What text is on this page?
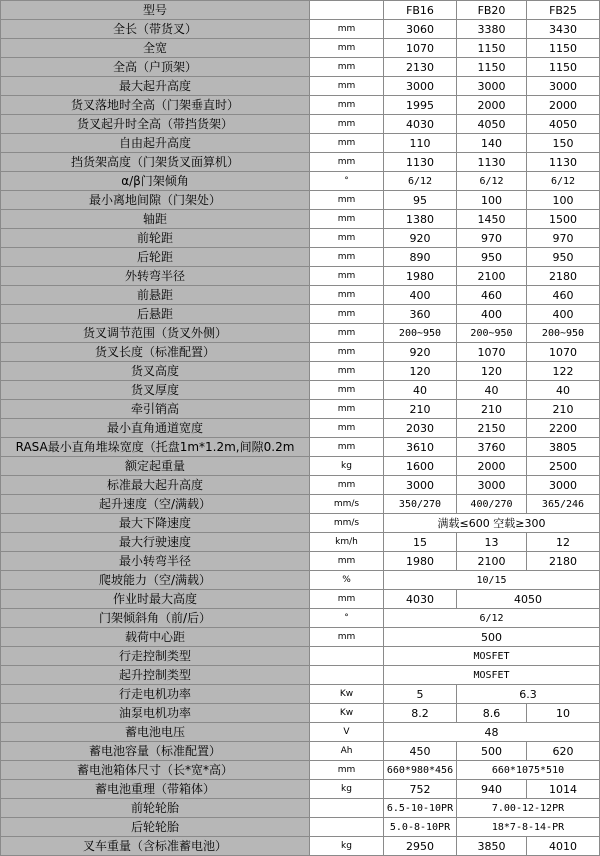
型号		FB16	FB20	FB25
全长（带货叉）	mm	3060	3380	3430
全宽	mm	1070	1150	1150
全高（户顶架）	mm	2130	1150	1150
最大起升高度	mm	3000	3000	3000
货叉落地时全高（门架垂直时）	mm	1995	2000	2000
货叉起升时全高（带挡货架）	mm	4030	4050	4050
自由起升高度	mm	110	140	150
挡货架高度（门架货叉面算机）	mm	1130	1130	1130
α/β门架倾角	°	6/12	6/12	6/12
最小离地间隙（门架处）	mm	95	100	100
轴距	mm	1380	1450	1500
前轮距	mm	920	970	970
后轮距	mm	890	950	950
外转弯半径	mm	1980	2100	2180
前悬距	mm	400	460	460
后悬距	mm	360	400	400
货叉调节范围（货叉外侧）	mm	200~950	200~950	200~950
货叉长度（标准配置）	mm	920	1070	1070
货叉高度	mm	120	120	122
货叉厚度	mm	40	40	40
牵引销高	mm	210	210	210
最小直角通道宽度	mm	2030	2150	2200
RASA最小直角堆垛宽度（托盘1m*1.2m,间隙0.2m	mm	3610	3760	3805
额定起重量	kg	1600	2000	2500
标准最大起升高度	mm	3000	3000	3000
起升速度（空/满载）	mm/s	350/270	400/270	365/246
最大下降速度	mm/s	满载≤600 空载≥300		
最大行驶速度	km/h	15	13	12
最小转弯半径	mm	1980	2100	2180
爬坡能力（空/满载）	%	10/15		
作业时最大高度	mm	4030	4050	
门架倾斜角（前/后）	°	6/12		
载荷中心距	mm	500		
行走控制类型		MOSFET		
起升控制类型		MOSFET		
行走电机功率	Kw	5	6.3	
油泵电机功率	Kw	8.2	8.6	10
蓄电池电压	V	48		
蓄电池容量（标准配置）	Ah	450	500	620
蓄电池箱体尺寸（长*宽*高）	mm	660*980*456	660*1075*510	
蓄电池重理（带箱体）	kg	752	940	1014
前轮轮胎		6.5-10-10PR	7.00-12-12PR	
后轮轮胎		5.0-8-10PR	18*7-8-14-PR	
叉车重量（含标准蓄电池）	kg	2950	3850	4010
